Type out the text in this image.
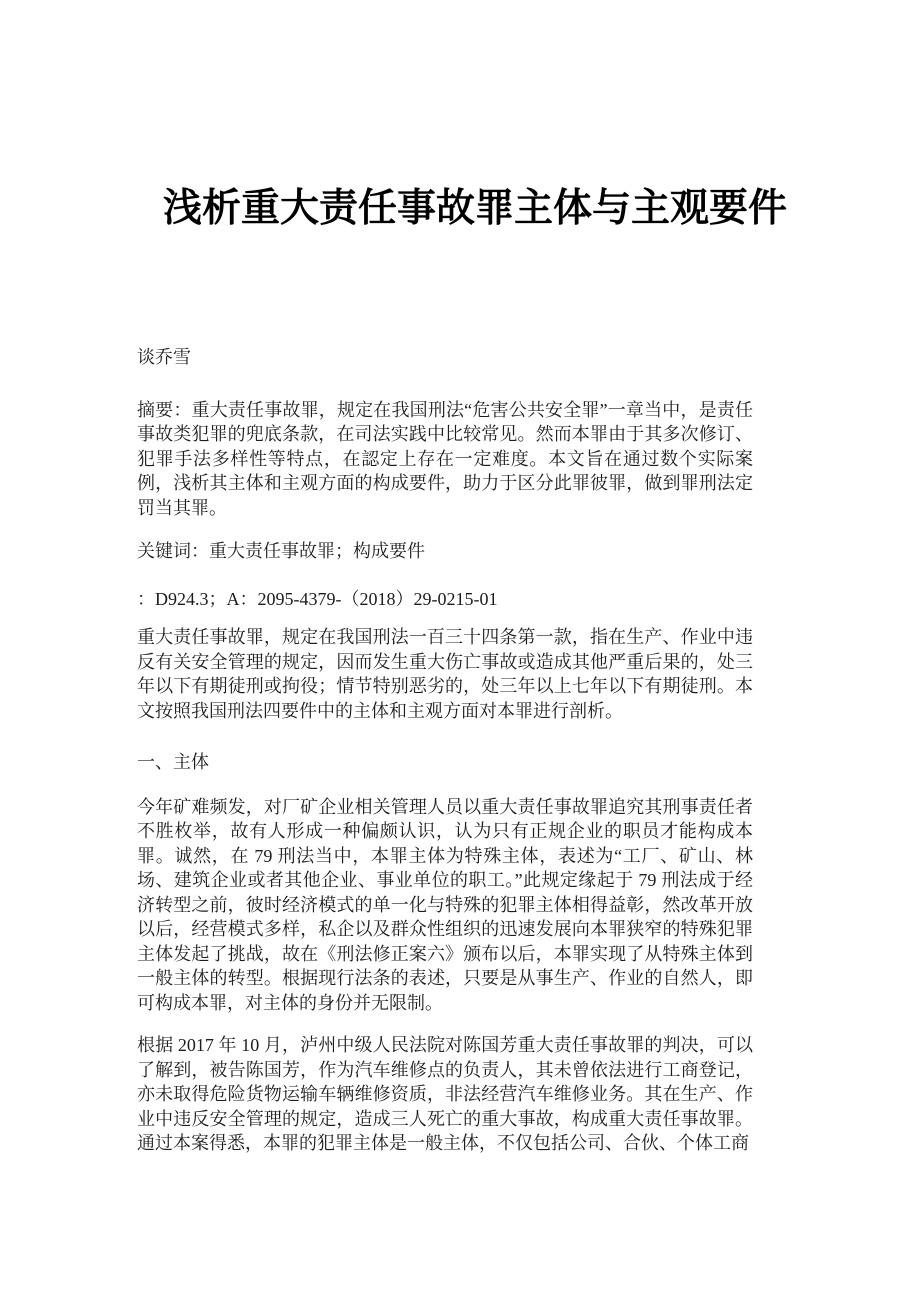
浅析重大责任事故罪主体与主观要件

谈乔雪

摘要：重大责任事故罪，规定在我国刑法“危害公共安全罪”一章当中，是责任事故类犯罪的兜底条款，在司法实践中比较常见。然而本罪由于其多次修订、犯罪手法多样性等特点，在認定上存在一定难度。本文旨在通过数个实际案例，浅析其主体和主观方面的构成要件，助力于区分此罪彼罪，做到罪刑法定罚当其罪。

关键词：重大责任事故罪；构成要件

：D924.3；A：2095-4379-（2018）29-0215-01

重大责任事故罪，规定在我国刑法一百三十四条第一款，指在生产、作业中违反有关安全管理的规定，因而发生重大伤亡事故或造成其他严重后果的，处三年以下有期徒刑或拘役；情节特别恶劣的，处三年以上七年以下有期徒刑。本文按照我国刑法四要件中的主体和主观方面对本罪进行剖析。

一、主体

今年矿难频发，对厂矿企业相关管理人员以重大责任事故罪追究其刑事责任者不胜枚举，故有人形成一种偏颇认识，认为只有正规企业的职员才能构成本罪。诚然，在 79 刑法当中，本罪主体为特殊主体，表述为“工厂、矿山、林场、建筑企业或者其他企业、事业单位的职工。”此规定缘起于 79 刑法成于经济转型之前，彼时经济模式的单一化与特殊的犯罪主体相得益彰，然改革开放以后，经营模式多样，私企以及群众性组织的迅速发展向本罪狭窄的特殊犯罪主体发起了挑战，故在《刑法修正案六》颁布以后，本罪实现了从特殊主体到一般主体的转型。根据现行法条的表述，只要是从事生产、作业的自然人，即可构成本罪，对主体的身份并无限制。

根据 2017 年 10 月，泸州中级人民法院对陈国芳重大责任事故罪的判决，可以了解到，被告陈国芳，作为汽车维修点的负责人，其未曾依法进行工商登记，亦未取得危险货物运输车辆维修资质，非法经营汽车维修业务。其在生产、作业中违反安全管理的规定，造成三人死亡的重大事故，构成重大责任事故罪。通过本案得悉，本罪的犯罪主体是一般主体，不仅包括公司、合伙、个体工商
